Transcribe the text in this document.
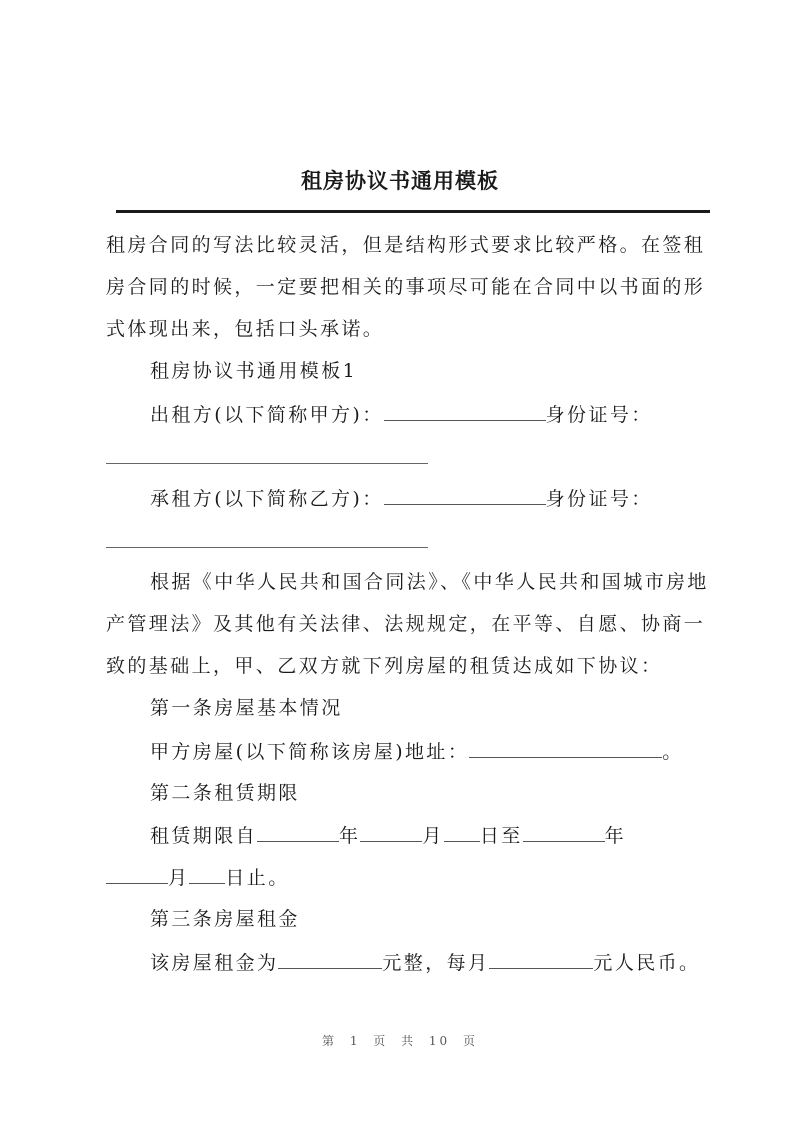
租房协议书通用模板
租房合同的写法比较灵活，但是结构形式要求比较严格。在签租
房合同的时候，一定要把相关的事项尽可能在合同中以书面的形
式体现出来，包括口头承诺。
租房协议书通用模板1
出租方(以下简称甲方)：	身份证号：
承租方(以下简称乙方)：	身份证号：
根据《中华人民共和国合同法》、《中华人民共和国城市房地
产管理法》及其他有关法律、法规规定，在平等、自愿、协商一
致的基础上，甲、乙双方就下列房屋的租赁达成如下协议：
第一条房屋基本情况
甲方房屋(以下简称该房屋)地址：	。
第二条租赁期限
租赁期限自	年	月 日至	年
月 日止。
第三条房屋租金
该房屋租金为	元整，每月	元人民币。
第 1 页 共 10 页
